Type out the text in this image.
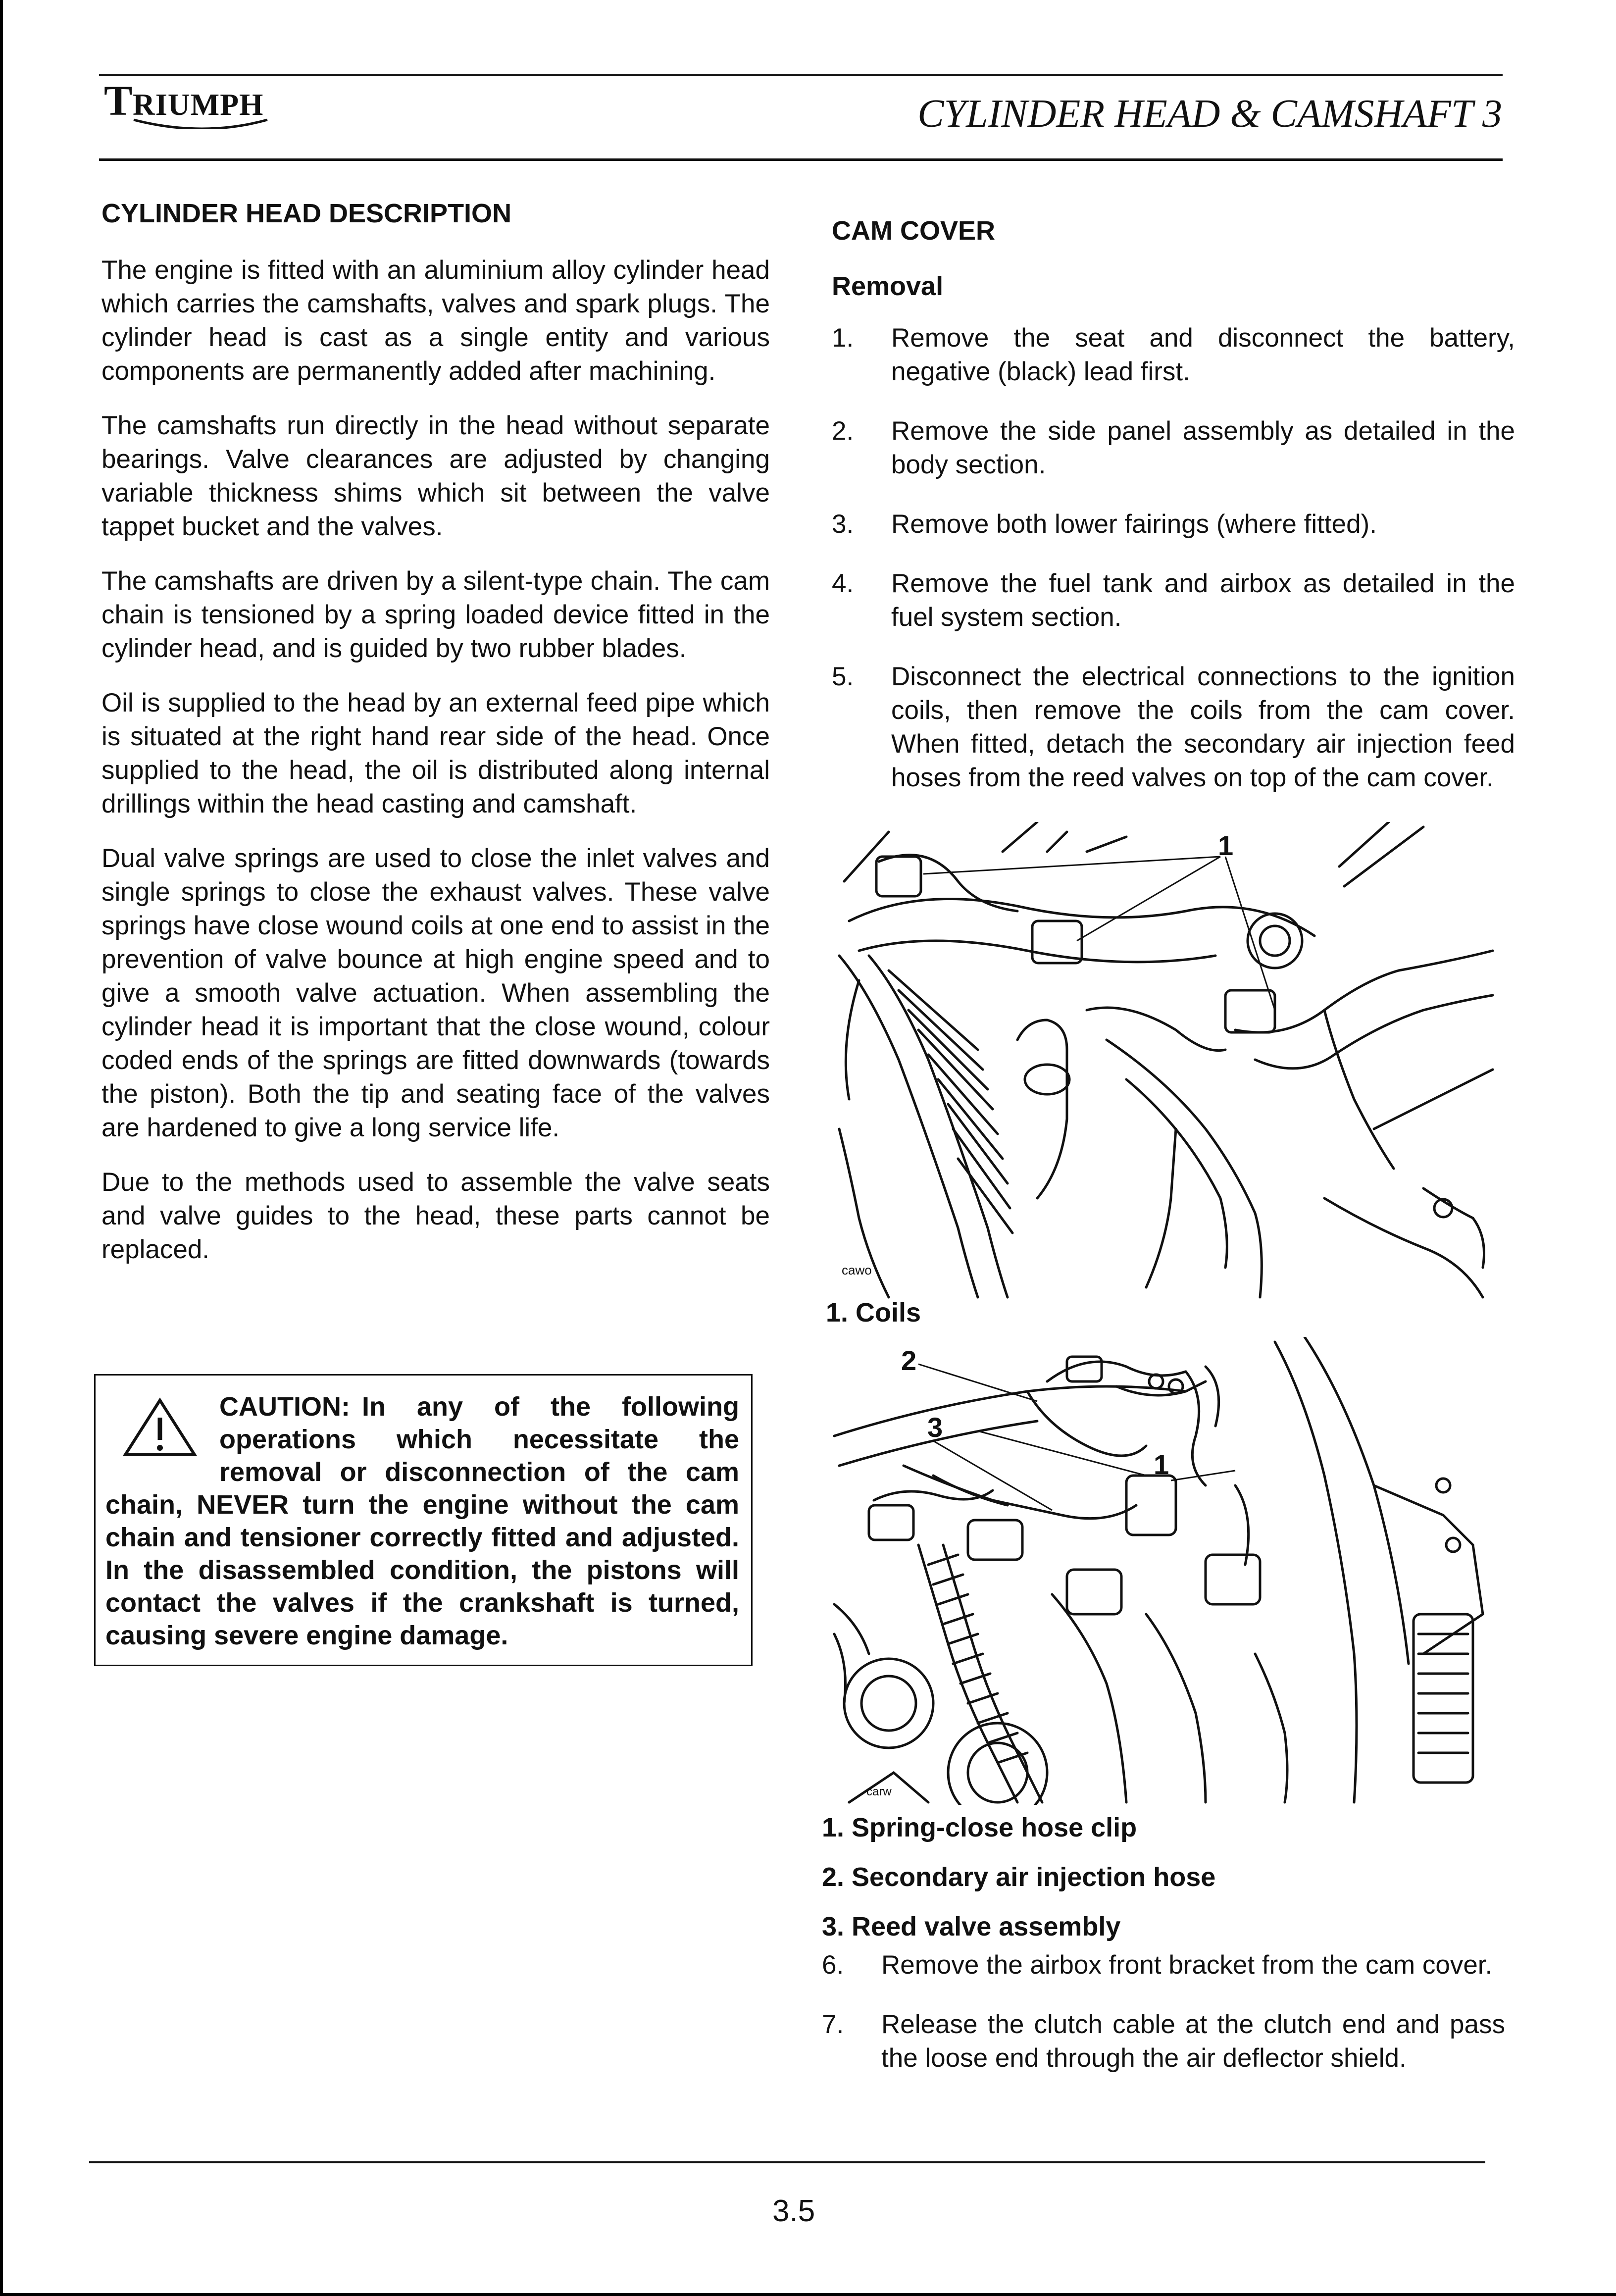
T RIUMPH	CYLINDER HEAD & CAMSHAFT 3
CYLINDER HEAD DESCRIPTION

The engine is fitted with an aluminium alloy cylinder head which carries the camshafts, valves and spark plugs. The cylinder head is cast as a single entity and various components are permanently added after machining.

The camshafts run directly in the head without separate bearings. Valve clearances are adjusted by changing variable thickness shims which sit between the valve tappet bucket and the valves.

The camshafts are driven by a silent-type chain. The cam chain is tensioned by a spring loaded device fitted in the cylinder head, and is guided by two rubber blades.

Oil is supplied to the head by an external feed pipe which is situated at the right hand rear side of the head. Once supplied to the head, the oil is distributed along internal drillings within the head casting and camshaft.

Dual valve springs are used to close the inlet valves and single springs to close the exhaust valves. These valve springs have close wound coils at one end to assist in the prevention of valve bounce at high engine speed and to give a smooth valve actuation. When assembling the cylinder head it is important that the close wound, colour coded ends of the springs are fitted downwards (towards the piston). Both the tip and seating face of the valves are hardened to give a long service life.

Due to the methods used to assemble the valve seats and valve guides to the head, these parts cannot be replaced.

CAUTION: In any of the following operations which necessitate the removal or disconnection of the cam chain, NEVER turn the engine without the cam chain and tensioner correctly fitted and adjusted. In the disassembled condition, the pistons will contact the valves if the crankshaft is turned, causing severe engine damage.
CAM COVER
Removal
1.	Remove the seat and disconnect the battery, negative (black) lead first.
2.	Remove the side panel assembly as detailed in the body section.
3.	Remove both lower fairings (where fitted).
4.	Remove the fuel tank and airbox as detailed in the fuel system section.
5.	Disconnect the electrical connections to the ignition coils, then remove the coils from the cam cover. When fitted, detach the secondary air injection feed hoses from the reed valves on top of the cam cover.
1
cawo
1. Coils
2
3
1
carw
1. Spring-close hose clip
2. Secondary air injection hose
3. Reed valve assembly
6.	Remove the airbox front bracket from the cam cover.
7.	Release the clutch cable at the clutch end and pass the loose end through the air deflector shield.
3.5
